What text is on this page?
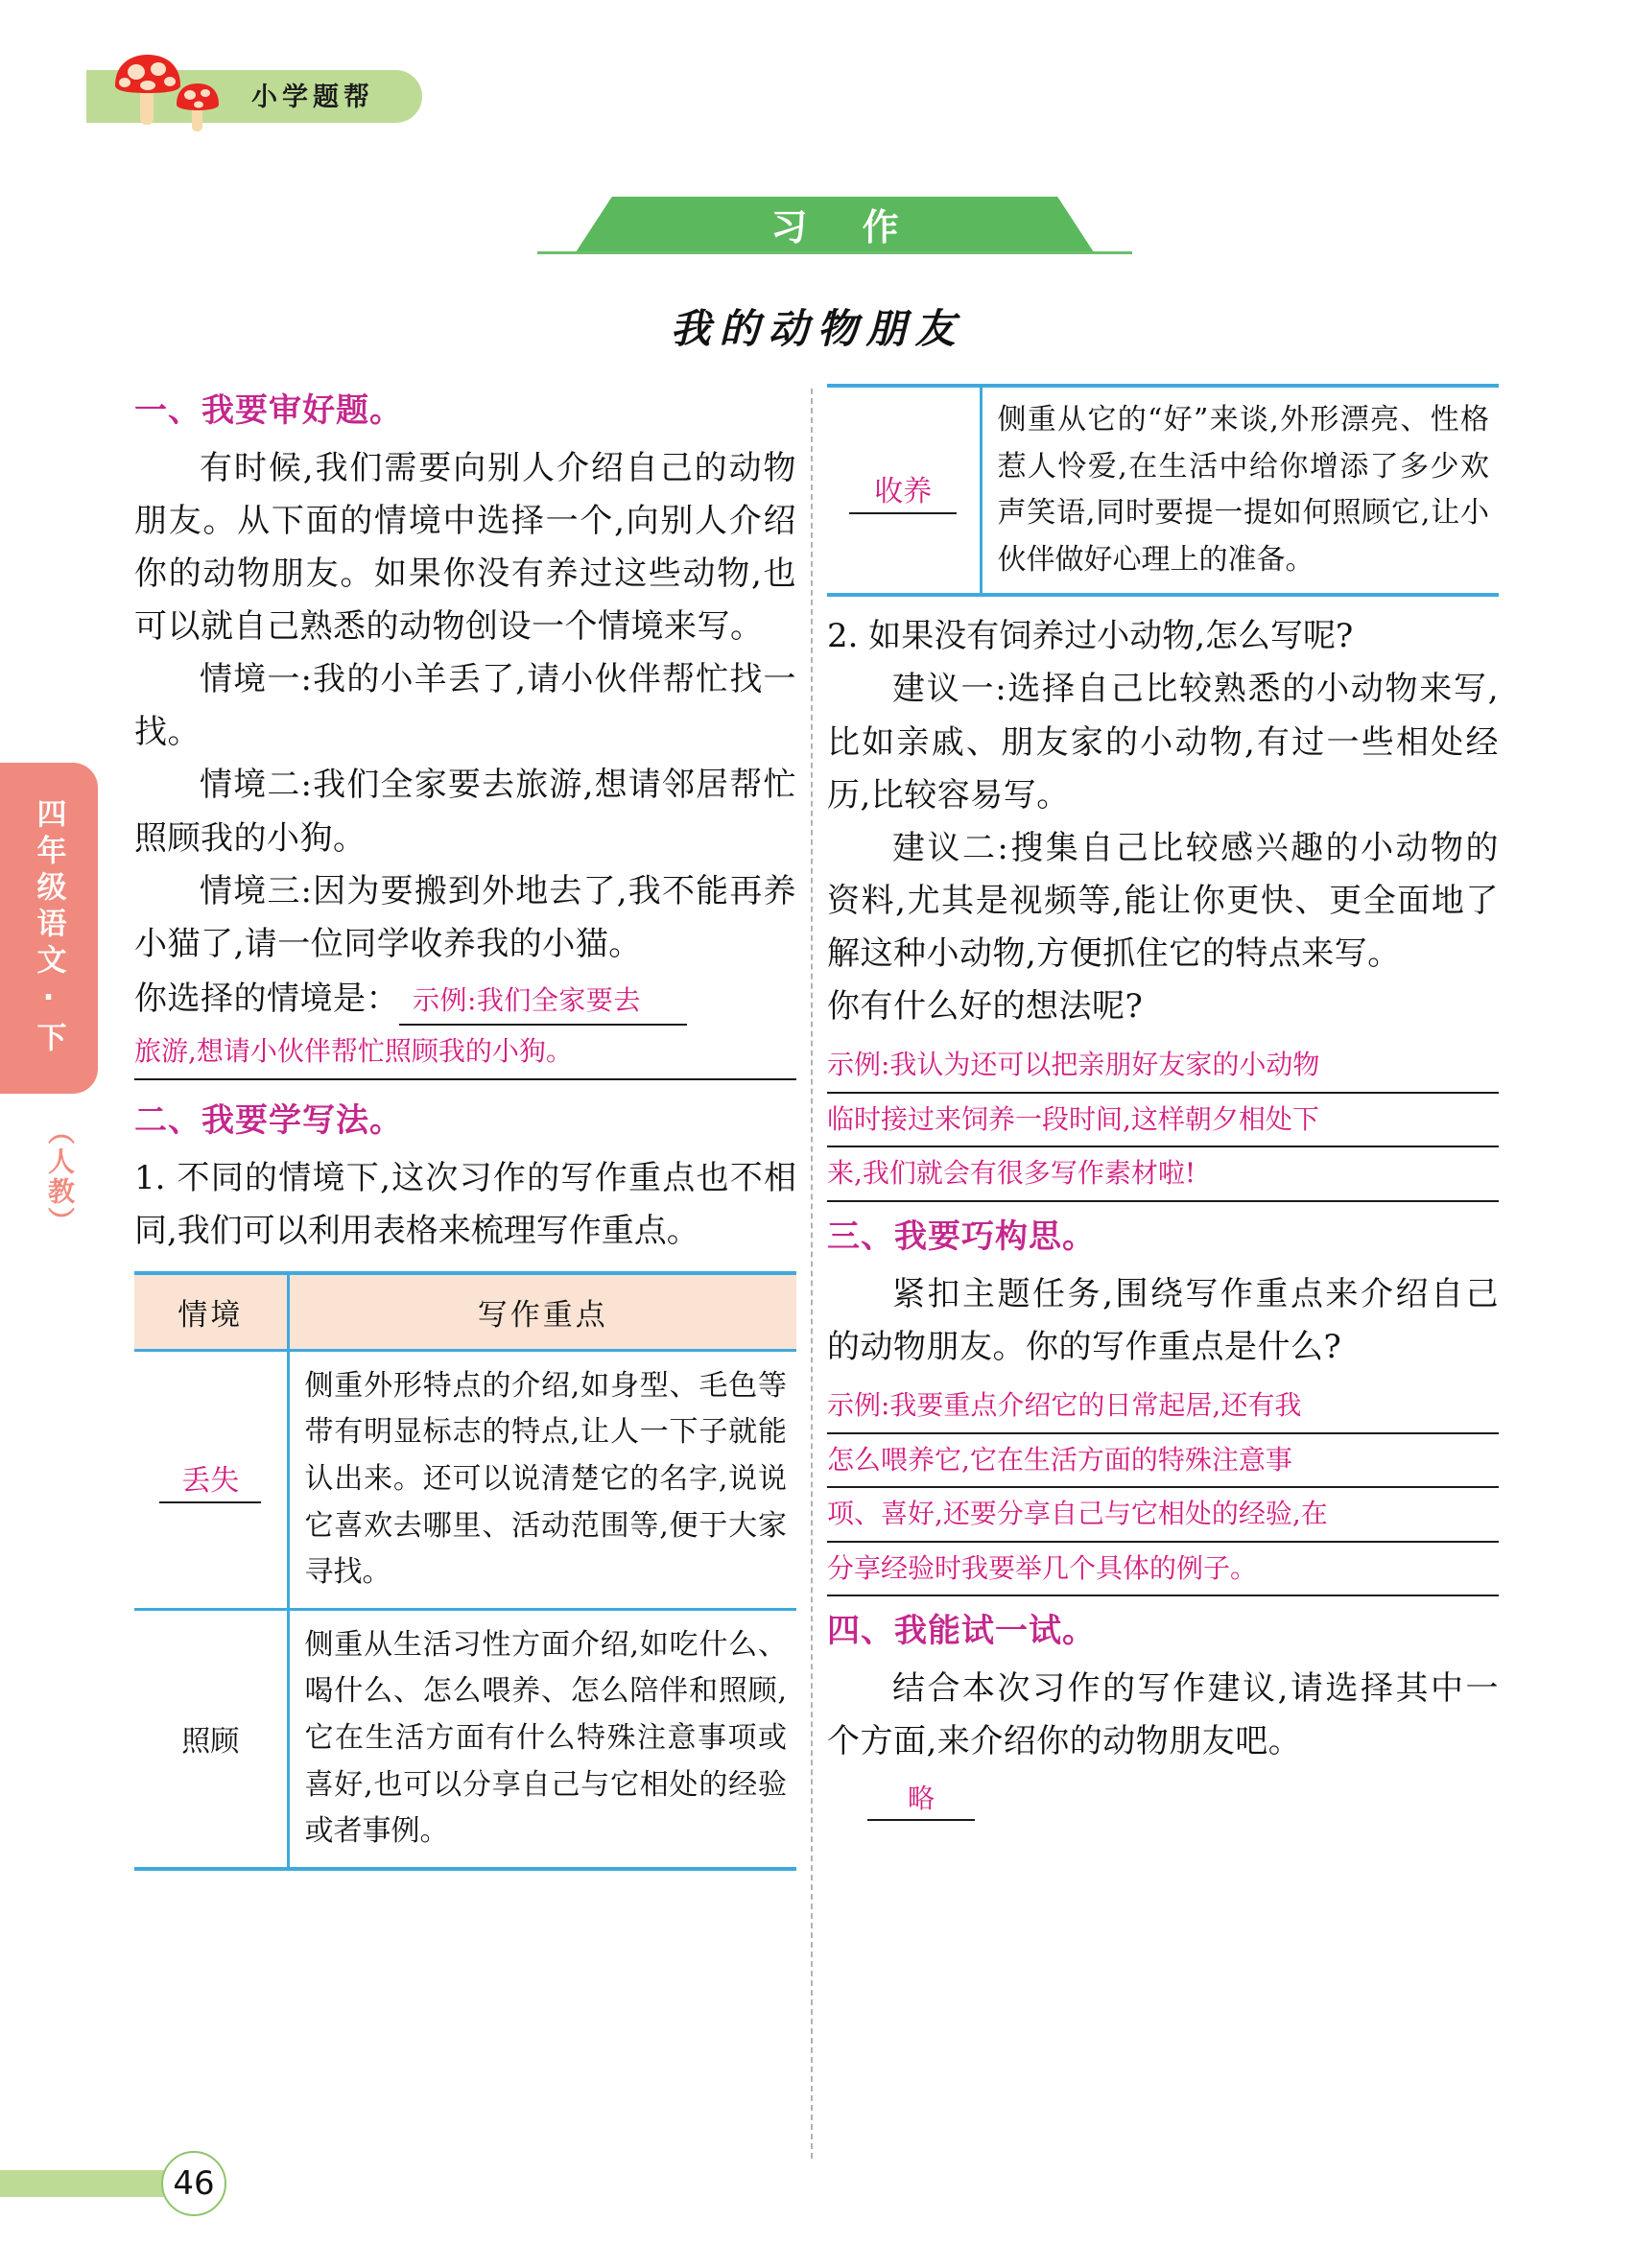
小学题帮
四年级语文·下
（人教）
习 作
我的动物朋友
一、我要审好题。
有时候,我们需要向别人介绍自己的动物朋友。从下面的情境中选择一个,向别人介绍你的动物朋友。如果你没有养过这些动物,也可以就自己熟悉的动物创设一个情境来写。
情境一:我的小羊丢了,请小伙伴帮忙找一找。
情境二:我们全家要去旅游,想请邻居帮忙照顾我的小狗。
情境三:因为要搬到外地去了,我不能再养小猫了,请一位同学收养我的小猫。
你选择的情境是： 示例:我们全家要去
旅游,想请小伙伴帮忙照顾我的小狗。
二、我要学写法。
1. 不同的情境下,这次习作的写作重点也不相同,我们可以利用表格来梳理写作重点。
情境	写作重点
丢失	侧重外形特点的介绍,如身型、毛色等带有明显标志的特点,让人一下子就能认出来。还可以说清楚它的名字,说说它喜欢去哪里、活动范围等,便于大家寻找。
照顾	侧重从生活习性方面介绍,如吃什么、喝什么、怎么喂养、怎么陪伴和照顾,它在生活方面有什么特殊注意事项或喜好,也可以分享自己与它相处的经验或者事例。
收养	侧重从它的“好”来谈,外形漂亮、性格惹人怜爱,在生活中给你增添了多少欢声笑语,同时要提一提如何照顾它,让小伙伴做好心理上的准备。
2. 如果没有饲养过小动物,怎么写呢?
建议一:选择自己比较熟悉的小动物来写,比如亲戚、朋友家的小动物,有过一些相处经历,比较容易写。
建议二:搜集自己比较感兴趣的小动物的资料,尤其是视频等,能让你更快、更全面地了解这种小动物,方便抓住它的特点来写。
你有什么好的想法呢?
示例:我认为还可以把亲朋好友家的小动物
临时接过来饲养一段时间,这样朝夕相处下
来,我们就会有很多写作素材啦!
三、我要巧构思。
紧扣主题任务,围绕写作重点来介绍自己的动物朋友。你的写作重点是什么?
示例:我要重点介绍它的日常起居,还有我
怎么喂养它,它在生活方面的特殊注意事
项、喜好,还要分享自己与它相处的经验,在
分享经验时我要举几个具体的例子。
四、我能试一试。
结合本次习作的写作建议,请选择其中一个方面,来介绍你的动物朋友吧。
略
46
